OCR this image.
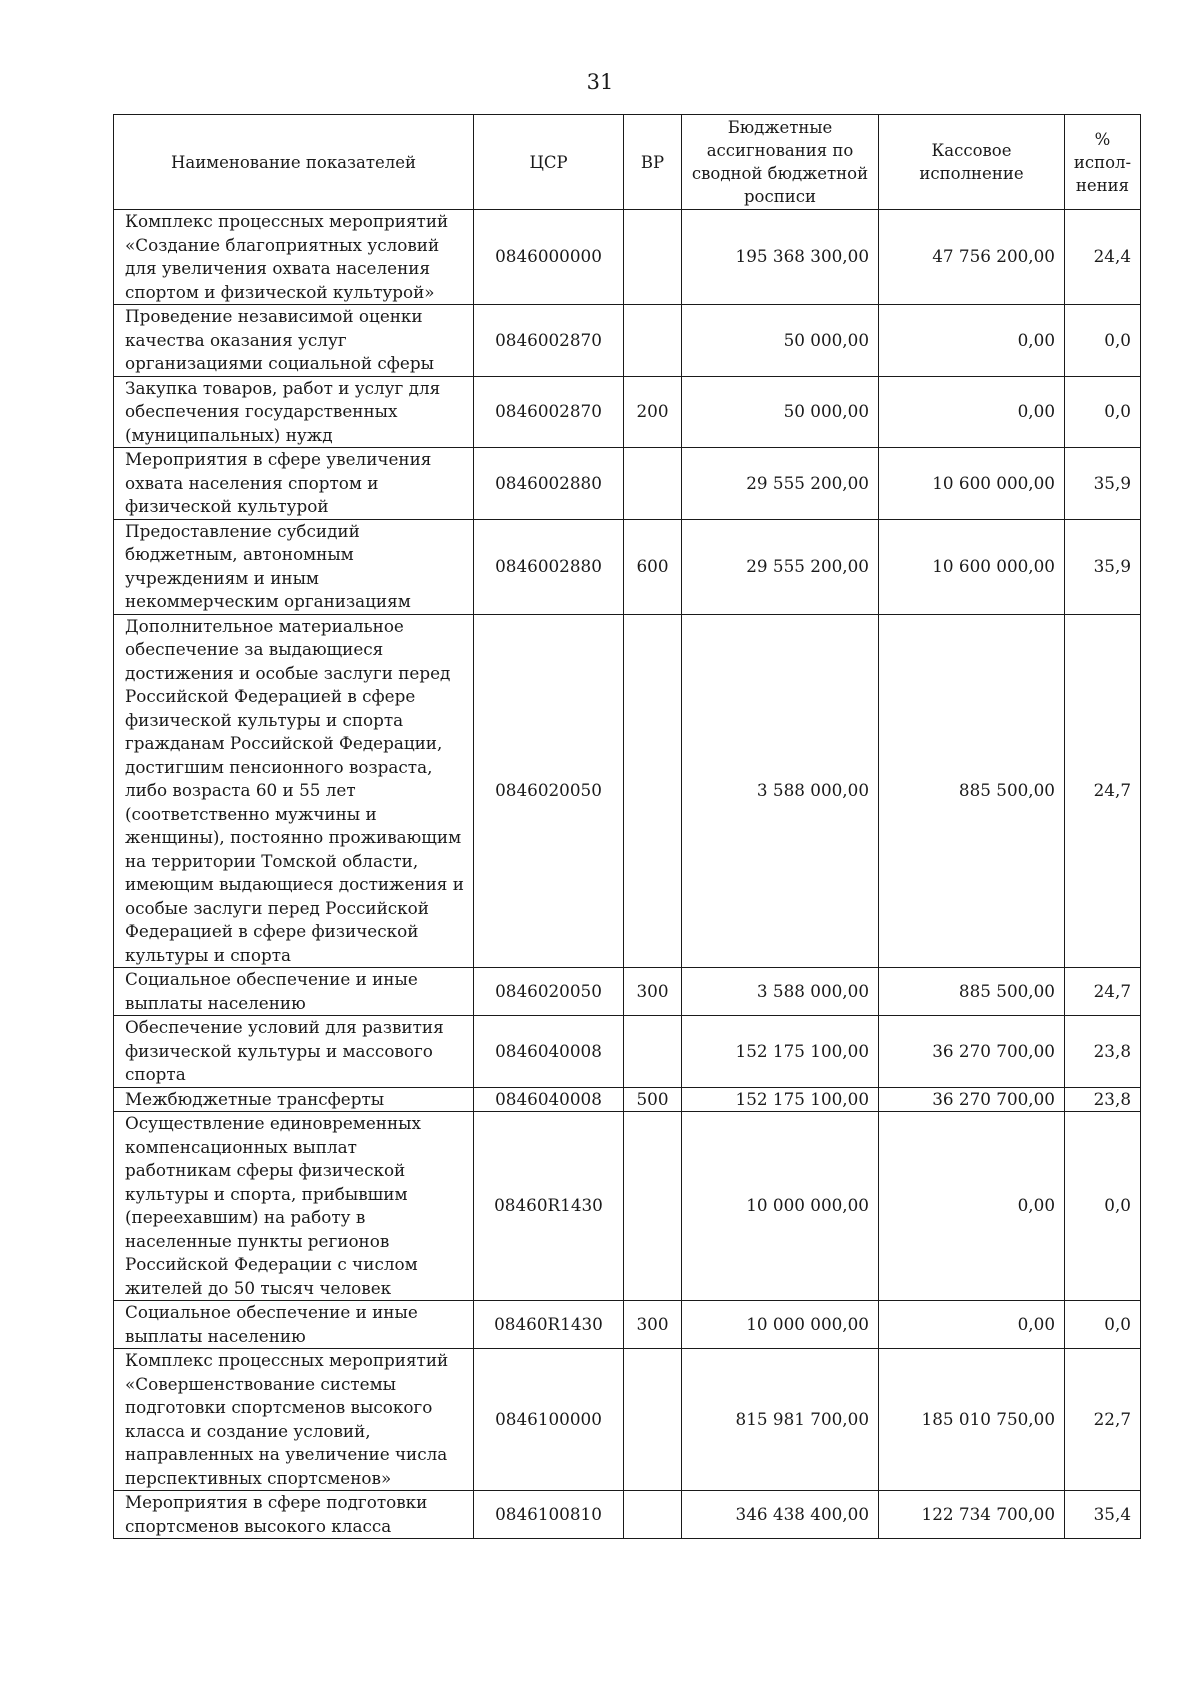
31
Наименование показателей	ЦСР	ВР	Бюджетные ассигнования по сводной бюджетной росписи	Кассовое исполнение	% испол-нения
Комплекс процессных мероприятий «Создание благоприятных условий для увеличения охвата населения спортом и физической культурой»	0846000000		195 368 300,00	47 756 200,00	24,4
Проведение независимой оценки качества оказания услуг организациями социальной сферы	0846002870		50 000,00	0,00	0,0
Закупка товаров, работ и услуг для обеспечения государственных (муниципальных) нужд	0846002870	200	50 000,00	0,00	0,0
Мероприятия в сфере увеличения охвата населения спортом и физической культурой	0846002880		29 555 200,00	10 600 000,00	35,9
Предоставление субсидий бюджетным, автономным учреждениям и иным некоммерческим организациям	0846002880	600	29 555 200,00	10 600 000,00	35,9
Дополнительное материальное обеспечение за выдающиеся достижения и особые заслуги перед Российской Федерацией в сфере физической культуры и спорта гражданам Российской Федерации, достигшим пенсионного возраста, либо возраста 60 и 55 лет (соответственно мужчины и женщины), постоянно проживающим на территории Томской области, имеющим выдающиеся достижения и особые заслуги перед Российской Федерацией в сфере физической культуры и спорта	0846020050		3 588 000,00	885 500,00	24,7
Социальное обеспечение и иные выплаты населению	0846020050	300	3 588 000,00	885 500,00	24,7
Обеспечение условий для развития физической культуры и массового спорта	0846040008		152 175 100,00	36 270 700,00	23,8
Межбюджетные трансферты	0846040008	500	152 175 100,00	36 270 700,00	23,8
Осуществление единовременных компенсационных выплат работникам сферы физической культуры и спорта, прибывшим (переехавшим) на работу в населенные пункты регионов Российской Федерации с числом жителей до 50 тысяч человек	08460R1430		10 000 000,00	0,00	0,0
Социальное обеспечение и иные выплаты населению	08460R1430	300	10 000 000,00	0,00	0,0
Комплекс процессных мероприятий «Совершенствование системы подготовки спортсменов высокого класса и создание условий, направленных на увеличение числа перспективных спортсменов»	0846100000		815 981 700,00	185 010 750,00	22,7
Мероприятия в сфере подготовки спортсменов высокого класса	0846100810		346 438 400,00	122 734 700,00	35,4
